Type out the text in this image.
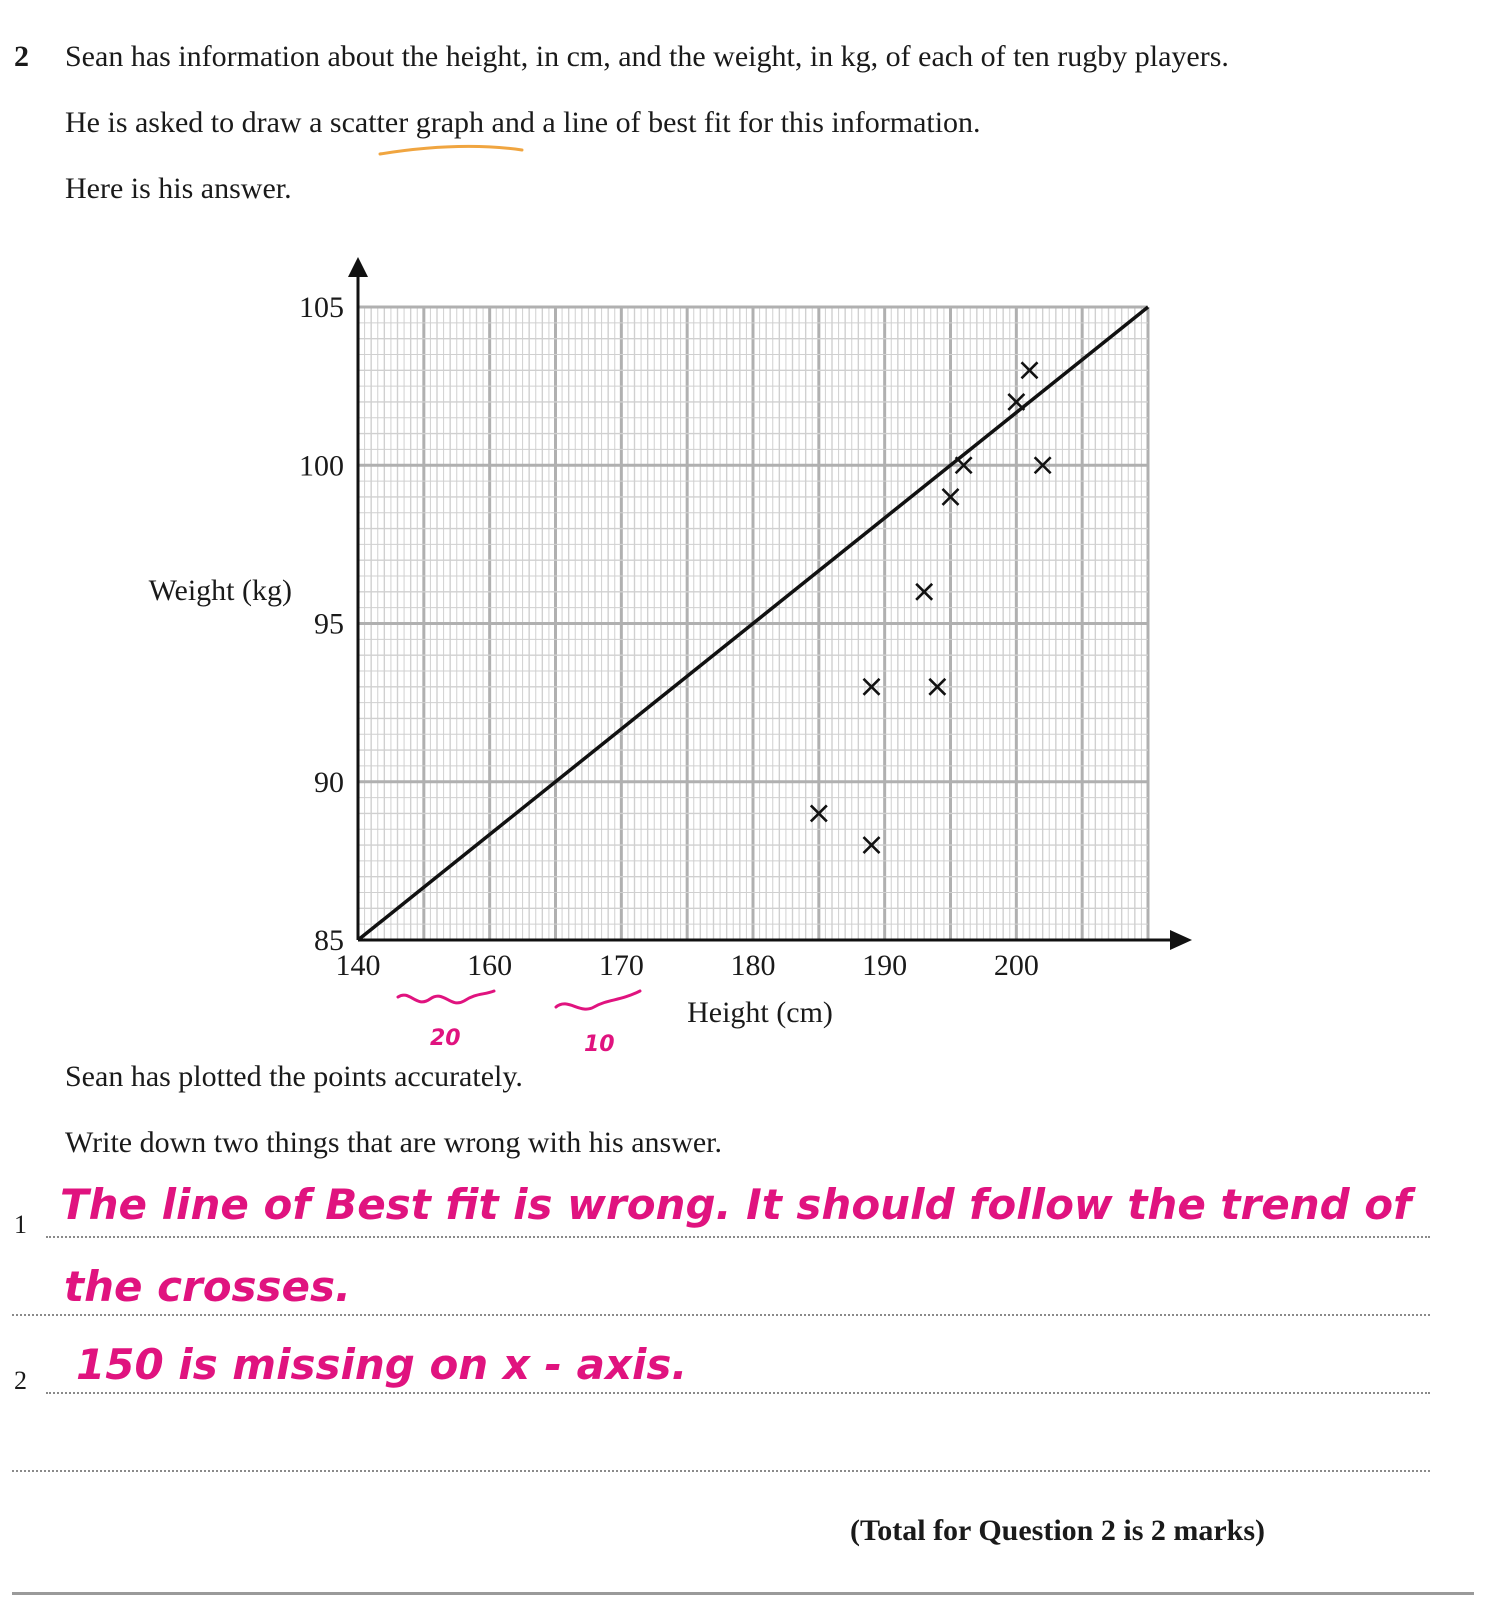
2 Sean has information about the height, in cm, and the weight, in kg, of each of ten rugby players.
He is asked to draw a scatter graph and a line of best fit for this information.
Here is his answer.
140	160	170	180	190	200
85
90
95
100
105
Weight (kg)
Height (cm)
20	10
Sean has plotted the points accurately.
Write down two things that are wrong with his answer.
1 The line of Best fit is wrong. It should follow the trend of
the crosses.
2 150 is missing on x - axis.
(Total for Question 2 is 2 marks)
